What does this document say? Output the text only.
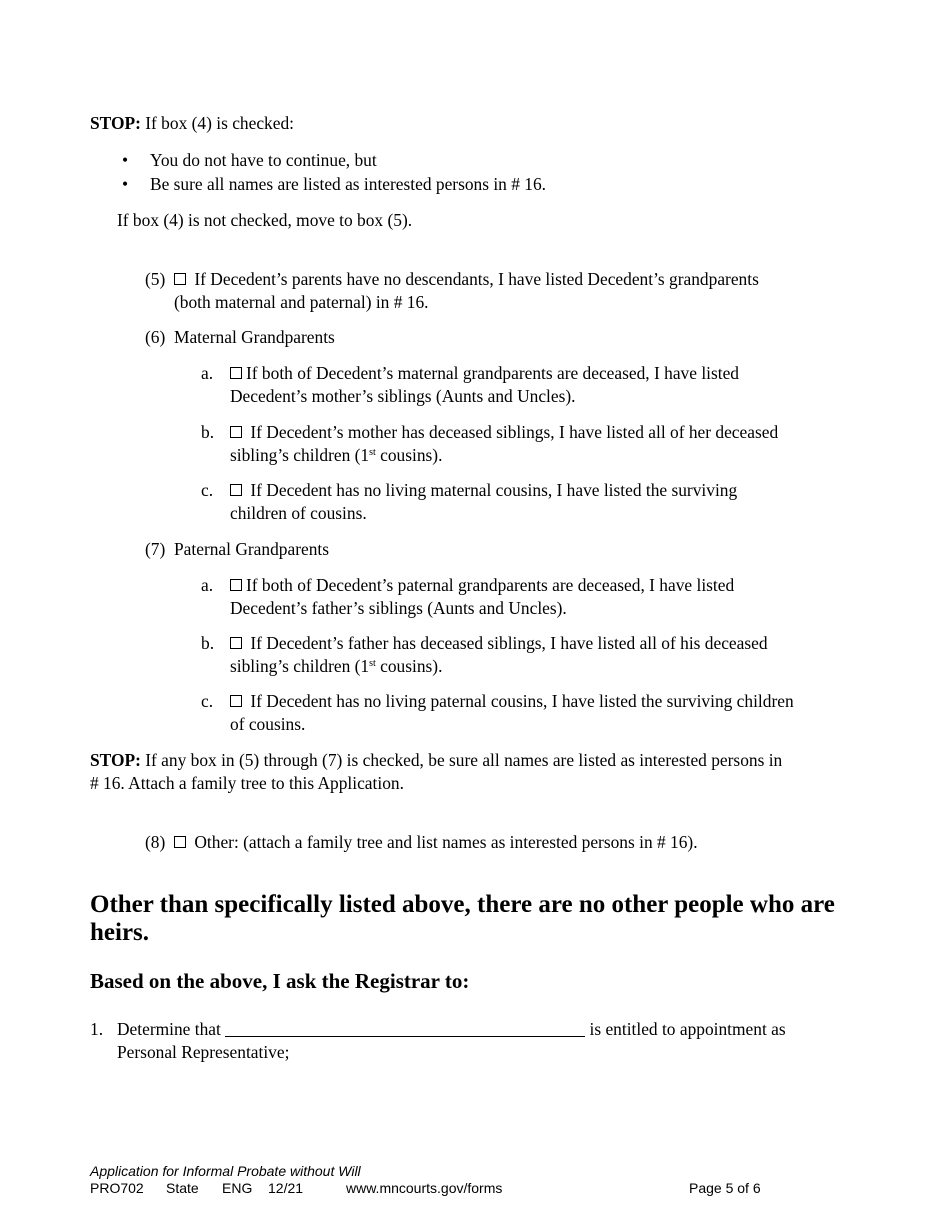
STOP: If box (4) is checked:
• You do not have to continue, but
• Be sure all names are listed as interested persons in # 16.
If box (4) is not checked, move to box (5).
(5)	If Decedent’s parents have no descendants, I have listed Decedent’s grandparents
(both maternal and paternal) in # 16.
(6) Maternal Grandparents
a.	If both of Decedent’s maternal grandparents are deceased, I have listed
Decedent’s mother’s siblings (Aunts and Uncles).
b.	If Decedent’s mother has deceased siblings, I have listed all of her deceased
sibling’s children (1st cousins).
c.	If Decedent has no living maternal cousins, I have listed the surviving
children of cousins.
(7) Paternal Grandparents
a.	If both of Decedent’s paternal grandparents are deceased, I have listed
Decedent’s father’s siblings (Aunts and Uncles).
b.	If Decedent’s father has deceased siblings, I have listed all of his deceased
sibling’s children (1st cousins).
c.	If Decedent has no living paternal cousins, I have listed the surviving children
of cousins.
STOP: If any box in (5) through (7) is checked, be sure all names are listed as interested persons in
# 16. Attach a family tree to this Application.
(8)	Other: (attach a family tree and list names as interested persons in # 16).
Other than specifically listed above, there are no other people who are
heirs.
Based on the above, I ask the Registrar to:
1. Determine that	is entitled to appointment as
Personal Representative;
Application for Informal Probate without Will
PRO702 State ENG 12/21	www.mncourts.gov/forms	Page 5 of 6
